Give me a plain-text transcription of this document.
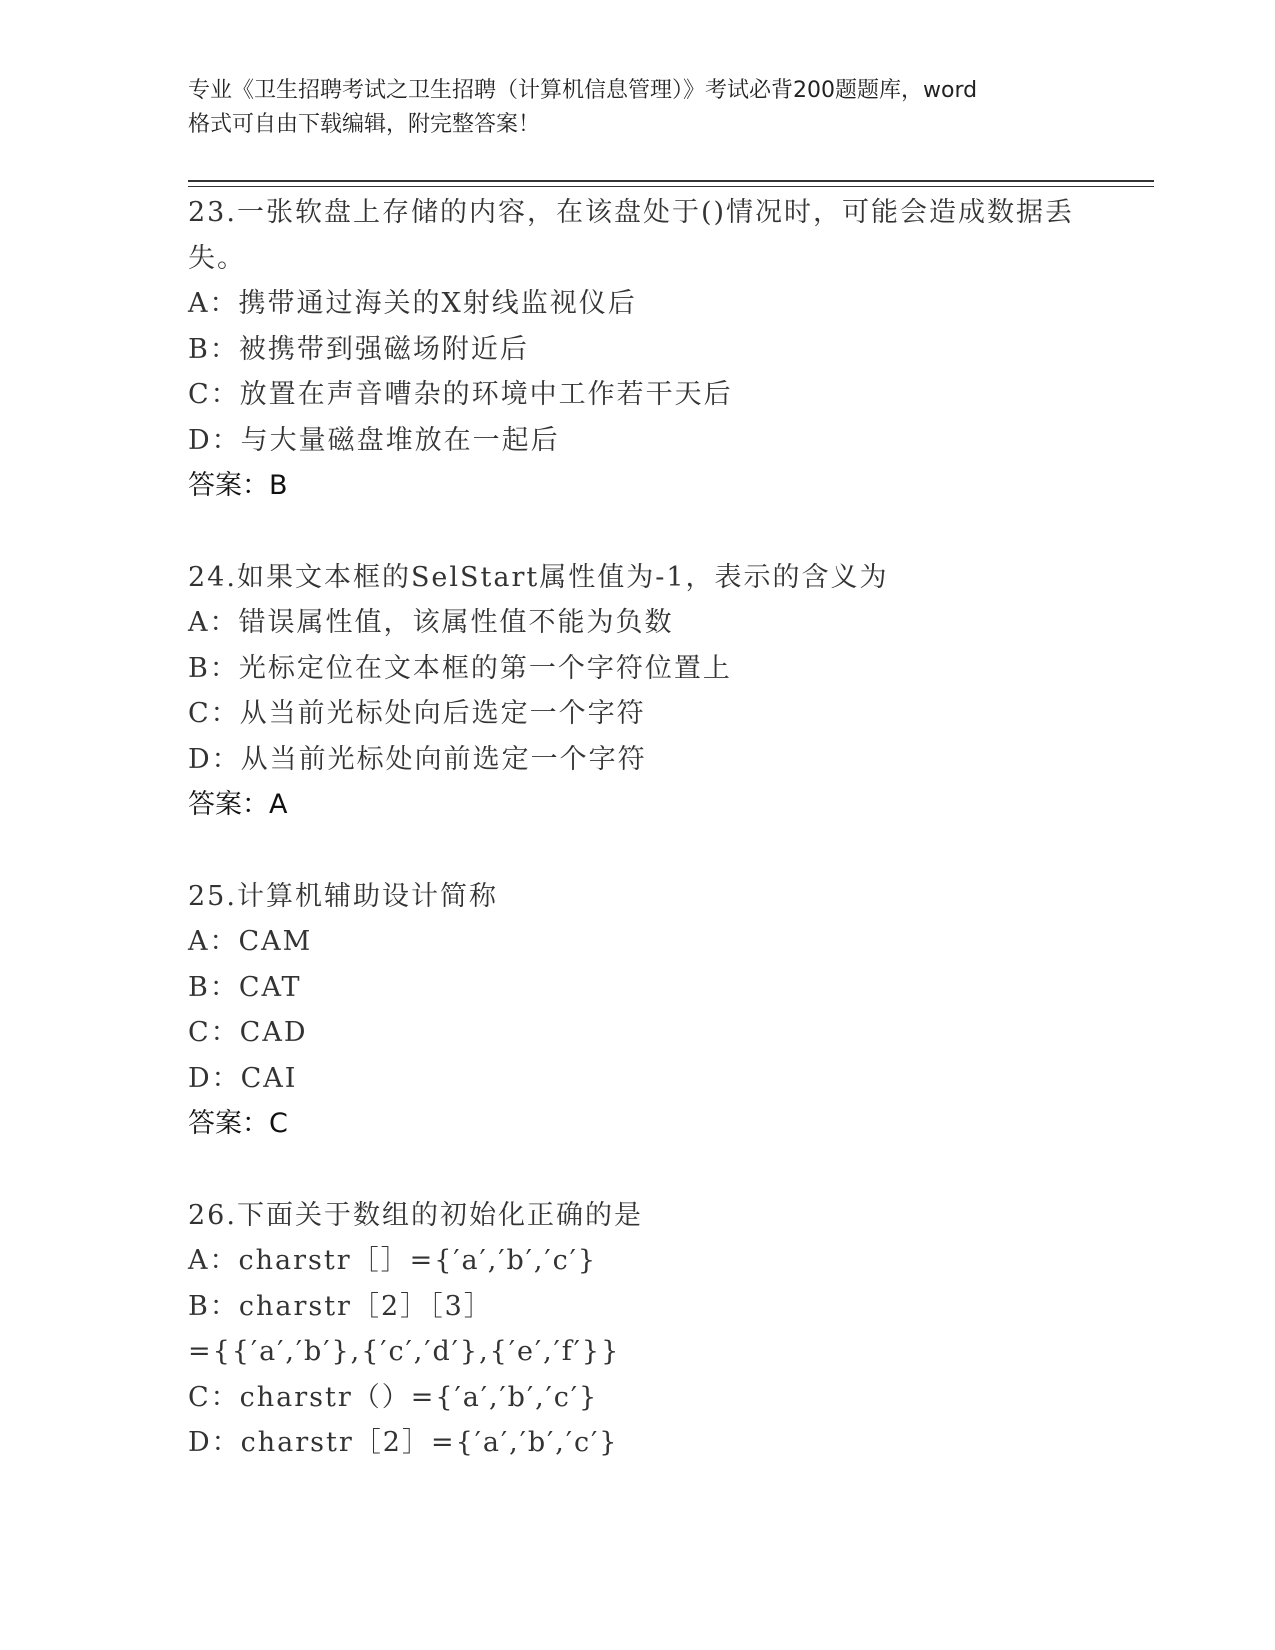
专业《卫生招聘考试之卫生招聘（计算机信息管理）》考试必背200题题库，word
格式可自由下载编辑，附完整答案！
23.一张软盘上存储的内容，在该盘处于()情况时，可能会造成数据丢
失。
A：携带通过海关的X射线监视仪后
B：被携带到强磁场附近后
C：放置在声音嘈杂的环境中工作若干天后
D：与大量磁盘堆放在一起后
答案：B
24.如果文本框的SelStart属性值为-1，表示的含义为
A：错误属性值，该属性值不能为负数
B：光标定位在文本框的第一个字符位置上
C：从当前光标处向后选定一个字符
D：从当前光标处向前选定一个字符
答案：A
25.计算机辅助设计简称
A：CAM
B：CAT
C：CAD
D：CAI
答案：C
26.下面关于数组的初始化正确的是
A：charstr［］={′a′,′b′,′c′}
B：charstr［2］［3］
={{′a′,′b′},{′c′,′d′},{′e′,′f′}}
C：charstr（）={′a′,′b′,′c′}
D：charstr［2］={′a′,′b′,′c′}
